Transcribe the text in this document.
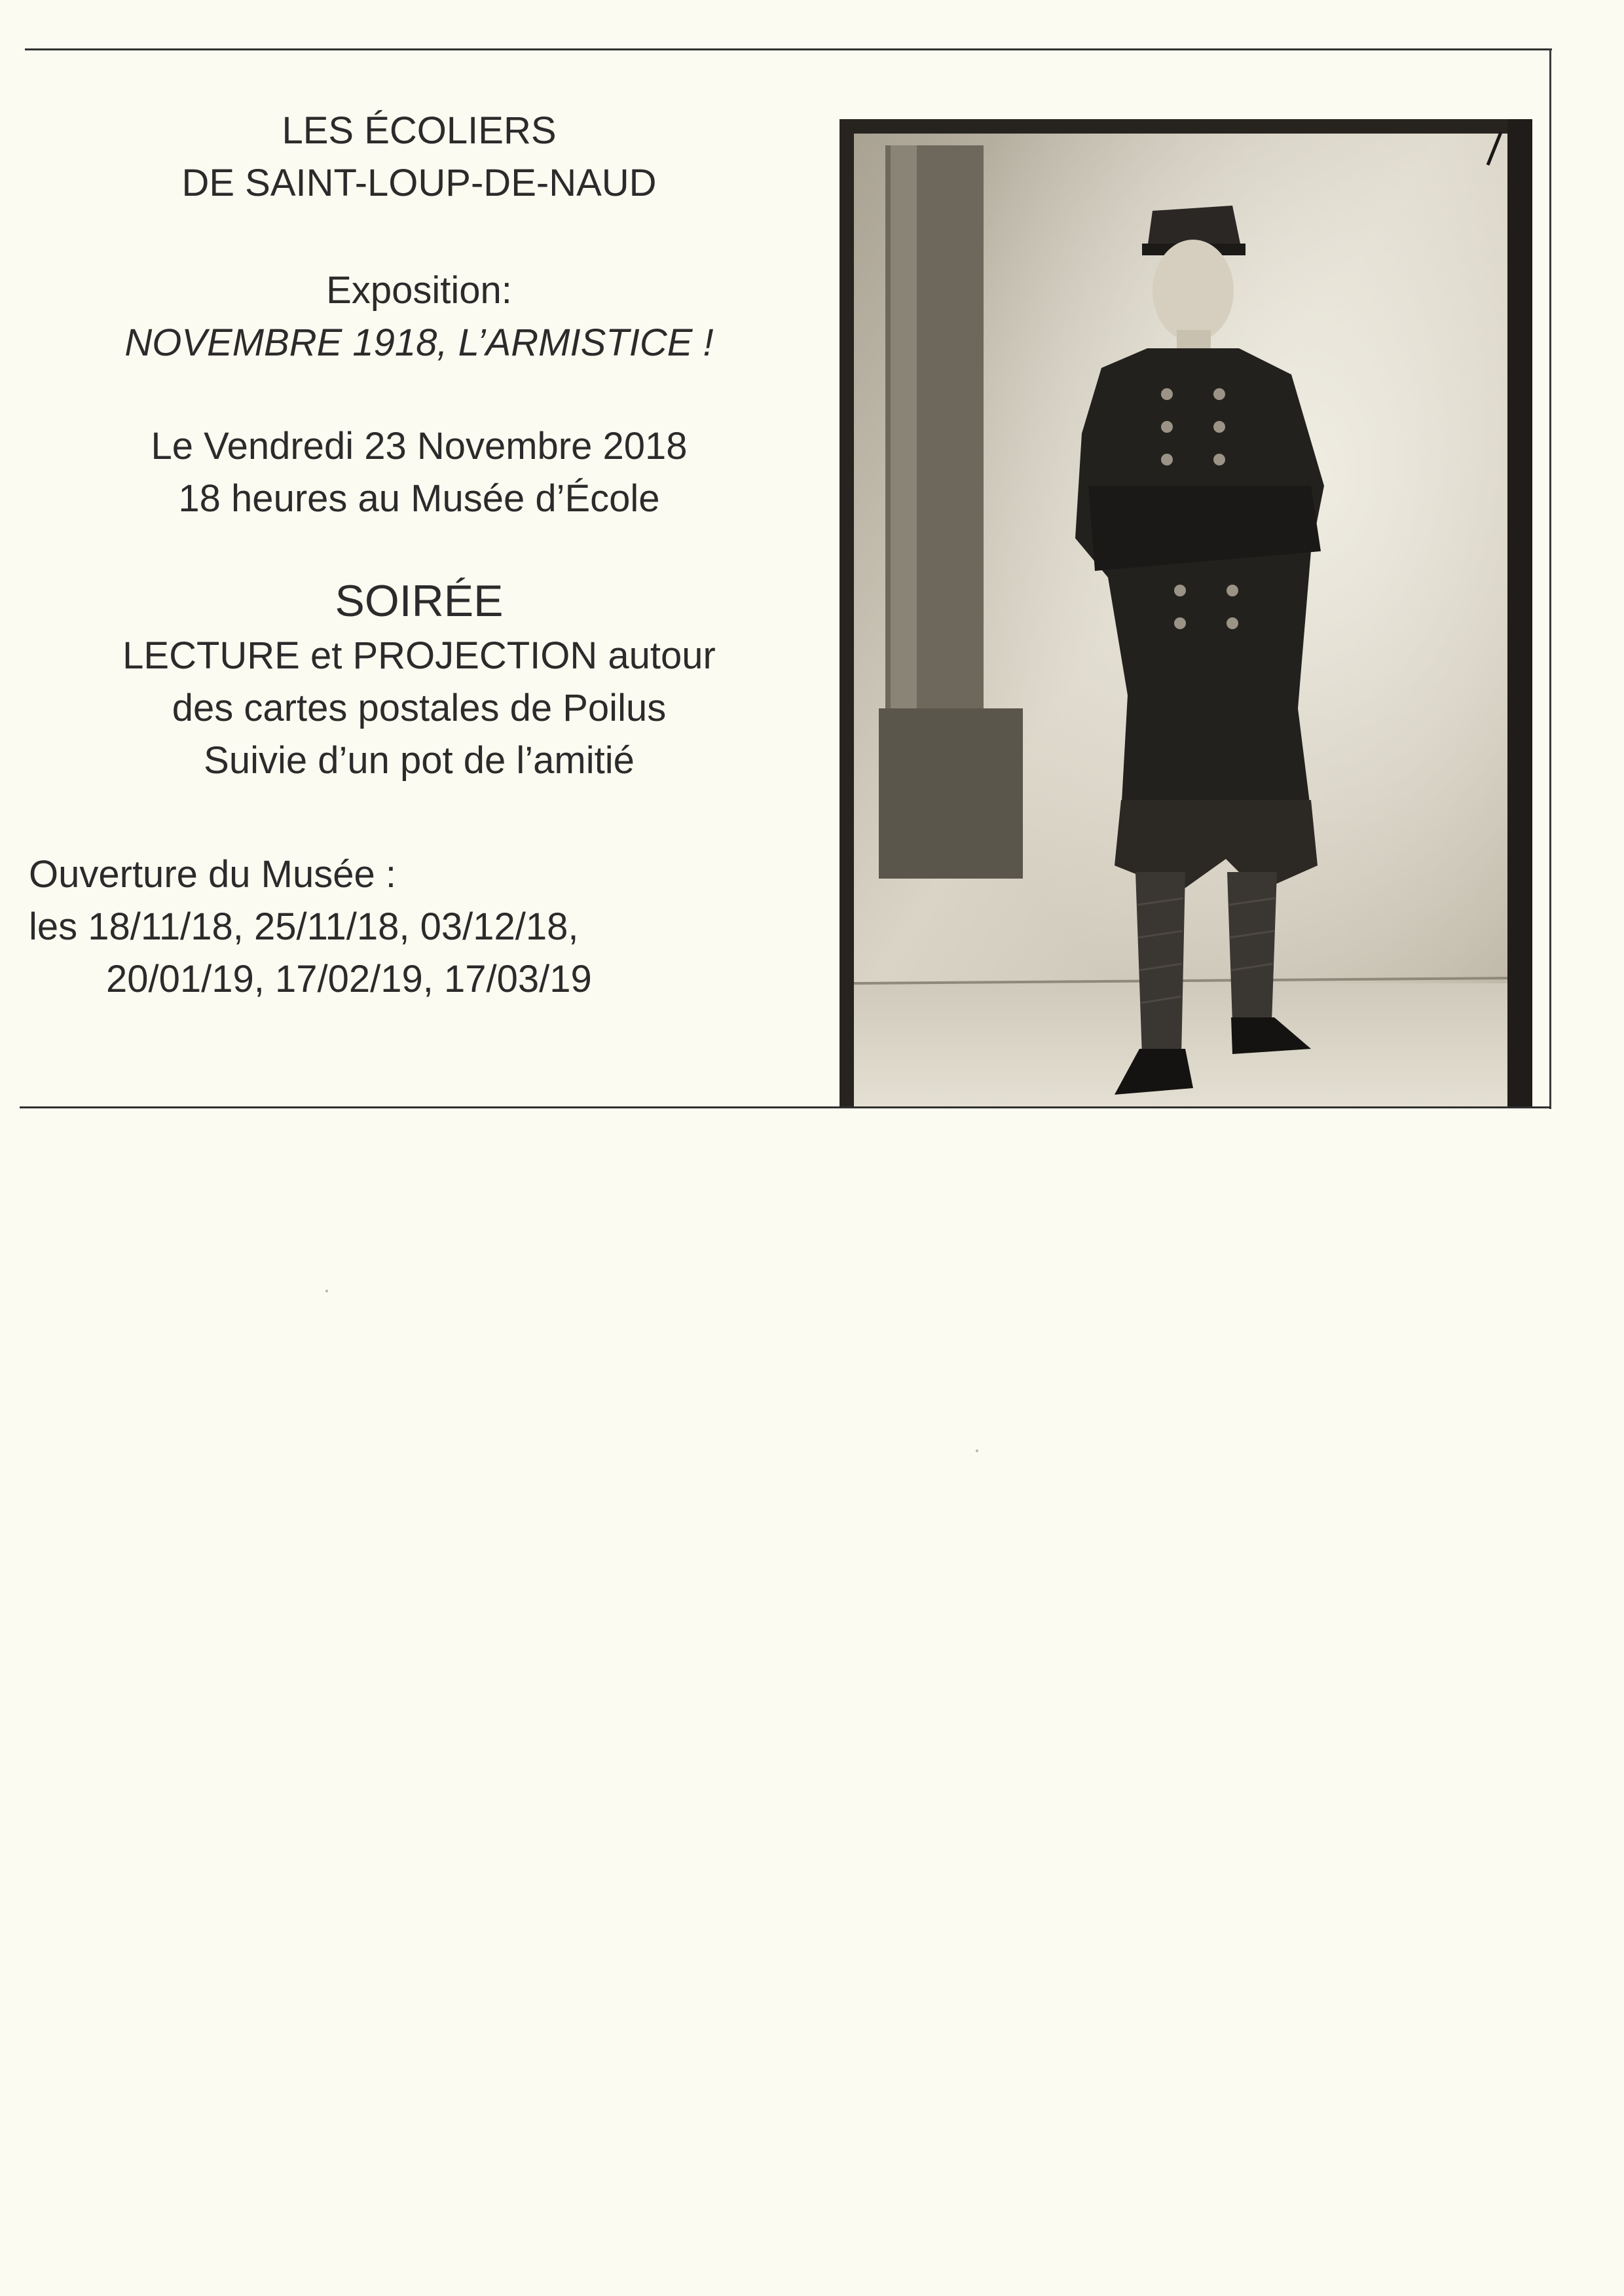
LES ÉCOLIERS
DE SAINT-LOUP-DE-NAUD
Exposition:
NOVEMBRE 1918, L’ARMISTICE !
Le Vendredi 23 Novembre 2018
18 heures au Musée d’École
SOIRÉE
LECTURE et PROJECTION autour
des cartes postales de Poilus
Suivie d’un pot de l’amitié
Ouverture du Musée :
les 18/11/18, 25/11/18, 03/12/18,
20/01/19, 17/02/19, 17/03/19
